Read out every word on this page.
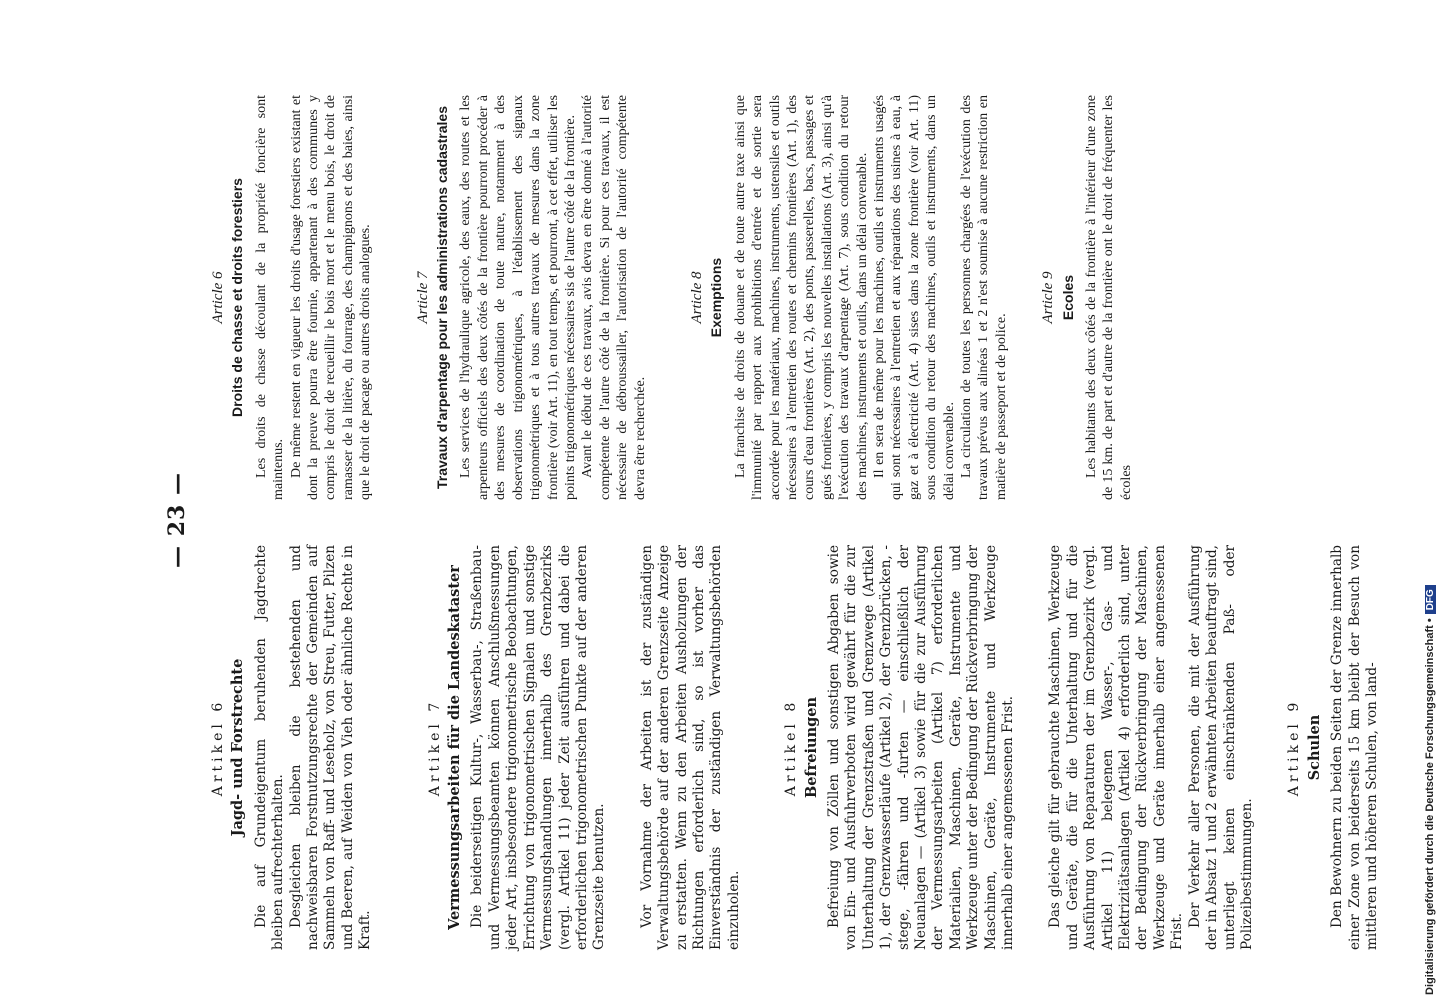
— 23 —
Artikel 6 Jagd- und Forstrechte Die auf Grundeigentum beruhenden Jagdrechte bleiben aufrechterhalten. Desgleichen bleiben die bestehenden und nachweisbaren Forstnutzungsrechte der Gemeinden auf Sammeln von Raff- und Leseholz, von Streu, Futter, Pilzen und Beeren, auf Weiden von Vieh oder ähnliche Rechte in Kraft.

Artikel 7 Vermessungsarbeiten für die Landeskataster Die beiderseitigen Kultur-, Wasserbau-, Straßenbau- und Vermessungsbeamten können Anschlußmessungen jeder Art, insbesondere trigonometrische Beobachtungen, Errichtung von trigonometrischen Signalen und sonstige Vermessungshandlungen innerhalb des Grenzbezirks (vergl. Artikel 11) jeder Zeit ausführen und dabei die erforderlichen trigonometrischen Punkte auf der anderen Grenzseite benutzen. Vor Vornahme der Arbeiten ist der zuständigen Verwaltungsbehörde auf der anderen Grenzseite Anzeige zu erstatten. Wenn zu den Arbeiten Ausholzungen der Richtungen erforderlich sind, so ist vorher das Einverständnis der zuständigen Verwaltungsbehörden einzuholen.

Artikel 8 Befreiungen Befreiung von Zöllen und sonstigen Abgaben sowie von Ein- und Ausfuhrverboten wird gewährt für die zur Unterhaltung der Grenzstraßen und Grenzwege (Artikel 1), der Grenzwasserläufe (Artikel 2), der Grenzbrücken, -stege, -fähren und -furten — einschließlich der Neuanlagen — (Artikel 3) sowie für die zur Ausführung der Vermessungsarbeiten (Artikel 7) erforderlichen Materialien, Maschinen, Geräte, Instrumente und Werkzeuge unter der Bedingung der Rückverbringung der Maschinen, Geräte, Instrumente und Werkzeuge innerhalb einer angemessenen Frist. Das gleiche gilt für gebrauchte Maschinen, Werkzeuge und Geräte, die für die Unterhaltung und für die Ausführung von Reparaturen der im Grenzbezirk (vergl. Artikel 11) belegenen Wasser-, Gas- und Elektrizitätsanlagen (Artikel 4) erforderlich sind, unter der Bedingung der Rückverbringung der Maschinen, Werkzeuge und Geräte innerhalb einer angemessenen Frist.

Der Verkehr aller Personen, die mit der Ausführung der in Absatz 1 und 2 erwähnten Arbeiten beauftragt sind, unterliegt keinen einschränkenden Paß- oder Polizeibestimmungen.

Artikel 9 Schulen Den Bewohnern zu beiden Seiten der Grenze innerhalb einer Zone von beiderseits 15 km bleibt der Besuch von mittleren und höheren Schulen, von land-

Article 6 Droits de chasse et droits forestiers Les droits de chasse découlant de la propriété foncière sont maintenus. De même restent en vigueur les droits d'usage forestiers existant et dont la preuve pourra être fournie, appartenant à des communes y compris le droit de recueillir le bois mort et le menu bois, le droit de ramasser de la litière, du fourrage, des champignons et des baies, ainsi que le droit de pacage ou autres droits analogues.	Article 7 Travaux d'arpentage pour les administrations cadastrales Les services de l'hydraulique agricole, des eaux, des routes et les arpenteurs officiels des deux côtés de la frontière pourront procéder à des mesures de coordination de toute nature, notamment à des observations trigonométriques, à l'établissement des signaux trigonométriques et à tous autres travaux de mesures dans la zone frontière (voir Art. 11), en tout temps, et pourront, à cet effet, utiliser les points trigonométriques nécessaires sis de l'autre côté de la frontière. Avant le début de ces travaux, avis devra en être donné à l'autorité compétente de l'autre côté de la frontière. Si pour ces travaux, il est nécessaire de débroussailler, l'autorisation de l'autorité compétente devra être recherchée.

Article 8 Exemptions La franchise de droits de douane et de toute autre taxe ainsi que l'immunité par rapport aux prohibitions d'entrée et de sortie sera accordée pour les matériaux, machines, instruments, ustensiles et outils nécessaires à l'entretien des routes et chemins frontières (Art. 1), des cours d'eau frontières (Art. 2), des ponts, passerelles, bacs, passages et gués frontières, y compris les nouvelles installations (Art. 3), ainsi qu'à l'exécution des travaux d'arpentage (Art. 7), sous condition du retour des machines, instruments et outils, dans un délai convenable. Il en sera de même pour les machines, outils et instruments usagés qui sont nécessaires à l'entretien et aux réparations des usines à eau, à gaz et à électricité (Art. 4) sises dans la zone frontière (voir Art. 11) sous condition du retour des machines, outils et instruments, dans un délai convenable. La circulation de toutes les personnes chargées de l'exécution des travaux prévus aux alinéas 1 et 2 n'est soumise à aucune restriction en matière de passeport et de police.

Article 9 Ecoles Les habitants des deux côtés de la frontière à l'intérieur d'une zone de 15 km. de part et d'autre de la frontière ont le droit de fréquenter les écoles

Digitalisierung gefördert durch die Deutsche Forschungsgemeinschaft •DFG
